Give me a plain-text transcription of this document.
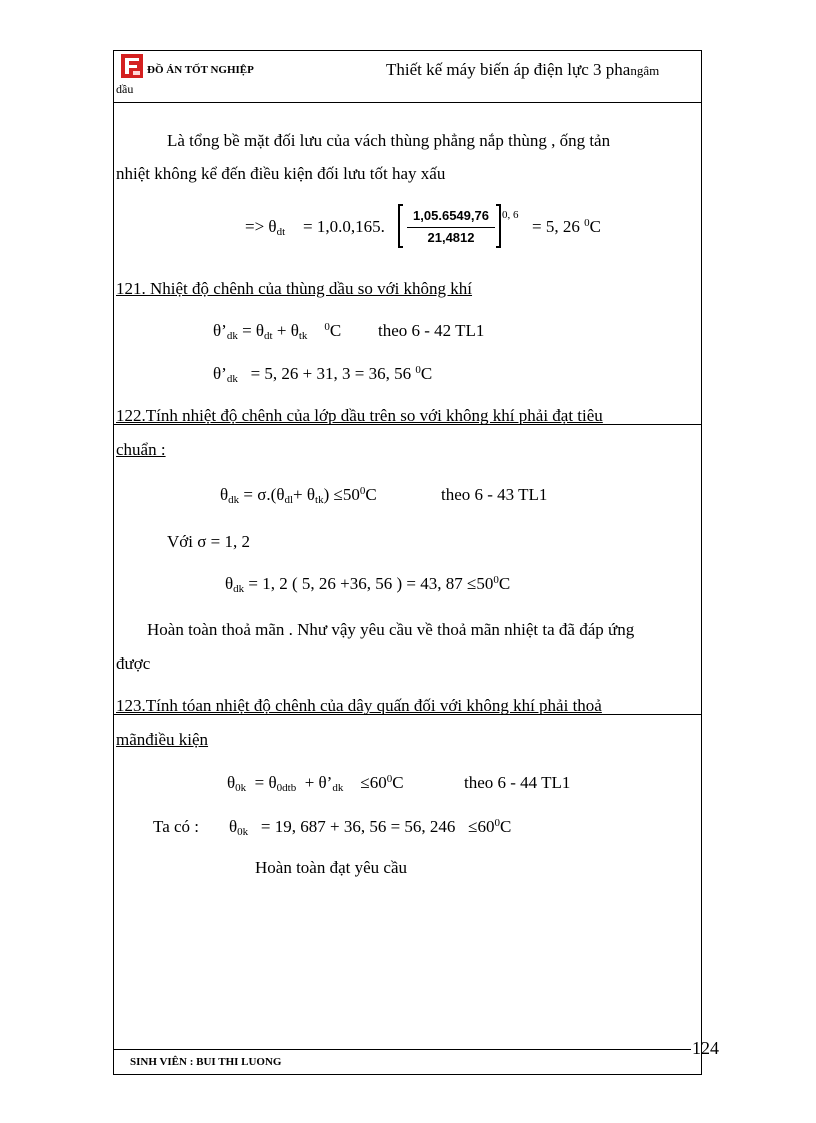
ĐỒ ÁN TỐT NGHIỆP	Thiết kế máy biến áp điện lực 3 phangâm
dầu
Là tổng bề mặt đối lưu của vách thùng phẳng nắp thùng , ống tản
nhiệt không kể đến điều kiện đối lưu tốt hay xấu
=> $\theta_{dt} = 1,0.0,165$.
1,05.6549,76
21,4812
0, 6
= 5, 26 $^0$C
121. Nhiệt độ chênh của thùng dầu so với không khí
$\theta’_{dk} = \theta_{dt} + \theta_{tk}$    $^0$C theo 6 - 42 TL1
$\theta’_{dk} = 5$, 26 + 31, 3 = 36, 56 $^0$C
122.Tính nhiệt độ chênh của lớp dầu trên so với không khí phải đạt tiêu
chuẩn :
$\theta_{dk} = \sigma.(\theta_{dl}+ \theta_{tk}) \le 50^0C$	theo 6 - 43 TL1
Với σ = 1, 2
$\theta_{dk} = 1$, 2 ( 5, 26 +36, 56 ) = 43, $87 \le 50^0C$
Hoàn toàn thoả mãn . Như vậy yêu cầu về thoả mãn nhiệt ta đã đáp ứng
được
123.Tính tóan nhiệt độ chênh của dây quấn đối với không khí phải thoả
mãnđiều kiện
$\theta_{0k} = \theta_{0dtb}$ + $\theta’_{dk} \le 60^0C$	theo 6 - 44 TL1
Ta có : $\theta_{0k} = 19$, 687 + 36, 56 = 56, $246 \le 60^0C$
Hoàn toàn đạt yêu cầu
124
SINH VIÊN : BUI THI LUONG
